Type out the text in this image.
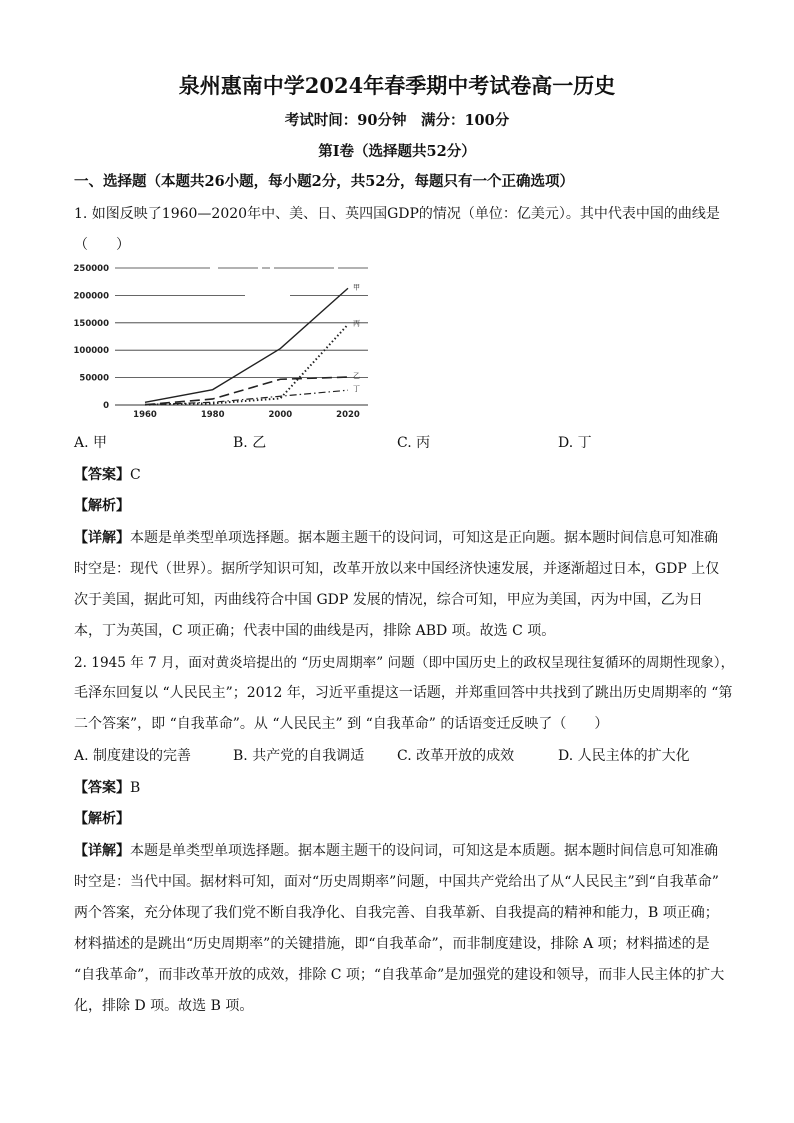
泉州惠南中学2024年春季期中考试卷高一历史
考试时间：90分钟　满分：100分
第Ⅰ卷（选择题共52分）
一、选择题（本题共26小题，每小题2分，共52分，每题只有一个正确选项）
1. 如图反映了1960—2020年中、美、日、英四国GDP的情况（单位：亿美元）。其中代表中国的曲线是
（　　）
0
50000
100000
150000
200000
250000
1960	1980	2000	2020
甲
乙
丙
丁
A. 甲	B. 乙	C. 丙	D. 丁
【答案】C
【解析】
【详解】本题是单类型单项选择题。据本题主题干的设问词，可知这是正向题。据本题时间信息可知准确
时空是：现代（世界）。据所学知识可知，改革开放以来中国经济快速发展，并逐渐超过日本，GDP 上仅
次于美国，据此可知，丙曲线符合中国 GDP 发展的情况，综合可知，甲应为美国，丙为中国，乙为日
本，丁为英国，C 项正确；代表中国的曲线是丙，排除 ABD 项。故选 C 项。
2. 1945 年 7 月，面对黄炎培提出的 “历史周期率” 问题（即中国历史上的政权呈现往复循环的周期性现象），
毛泽东回复以 “人民民主”；2012 年，习近平重提这一话题，并郑重回答中共找到了跳出历史周期率的 “第
二个答案”，即 “自我革命”。从 “人民民主” 到 “自我革命” 的话语变迁反映了（　　）
A. 制度建设的完善	B. 共产党的自我调适 C. 改革开放的成效	D. 人民主体的扩大化
【答案】B
【解析】
【详解】本题是单类型单项选择题。据本题主题干的设问词，可知这是本质题。据本题时间信息可知准确
时空是：当代中国。据材料可知，面对“历史周期率”问题，中国共产党给出了从“人民民主”到“自我革命”
两个答案，充分体现了我们党不断自我净化、自我完善、自我革新、自我提高的精神和能力，B 项正确；
材料描述的是跳出“历史周期率”的关键措施，即“自我革命”，而非制度建设，排除 A 项；材料描述的是
“自我革命”，而非改革开放的成效，排除 C 项；“自我革命”是加强党的建设和领导，而非人民主体的扩大
化，排除 D 项。故选 B 项。
